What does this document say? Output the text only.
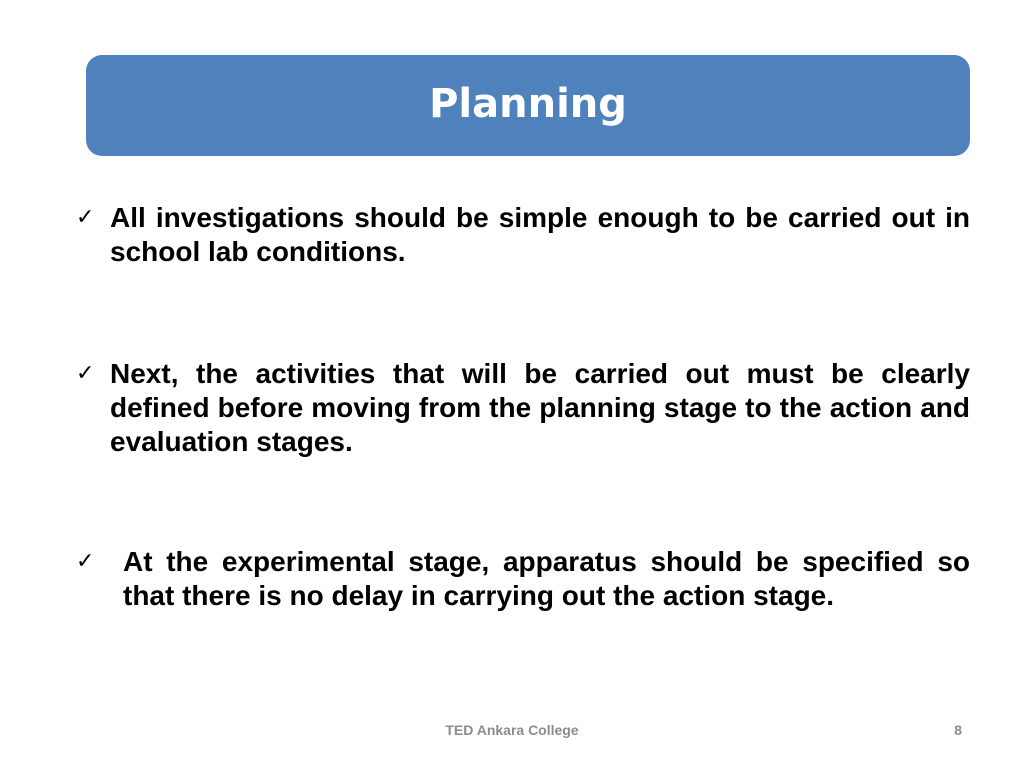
Planning
✓ All investigations should be simple enough to be carried out in school lab conditions.
✓ Next, the activities that will be carried out must be clearly defined before moving from the planning stage to the action and evaluation stages.
✓ At the experimental stage, apparatus should be specified so that there is no delay in carrying out the action stage.
TED Ankara College	8
